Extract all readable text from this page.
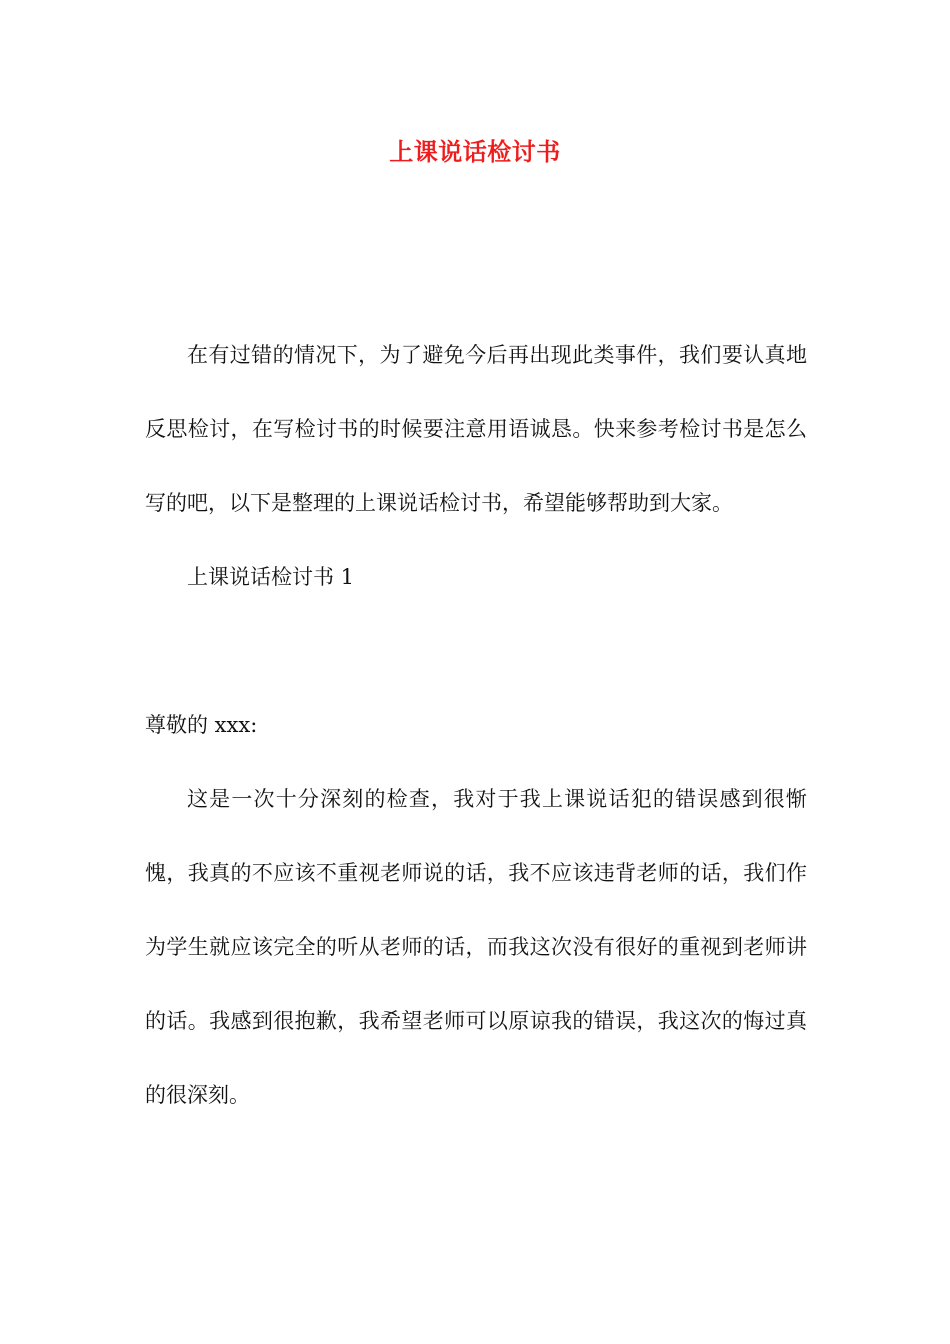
上课说话检讨书

在有过错的情况下，为了避免今后再出现此类事件，我们要认真地反思检讨，在写检讨书的时候要注意用语诚恳。快来参考检讨书是怎么写的吧，以下是整理的上课说话检讨书，希望能够帮助到大家。

上课说话检讨书 1

尊敬的 xxx:

这是一次十分深刻的检查，我对于我上课说话犯的错误感到很惭愧，我真的不应该不重视老师说的话，我不应该违背老师的话，我们作为学生就应该完全的听从老师的话，而我这次没有很好的重视到老师讲的话。我感到很抱歉，我希望老师可以原谅我的错误，我这次的悔过真的很深刻。
